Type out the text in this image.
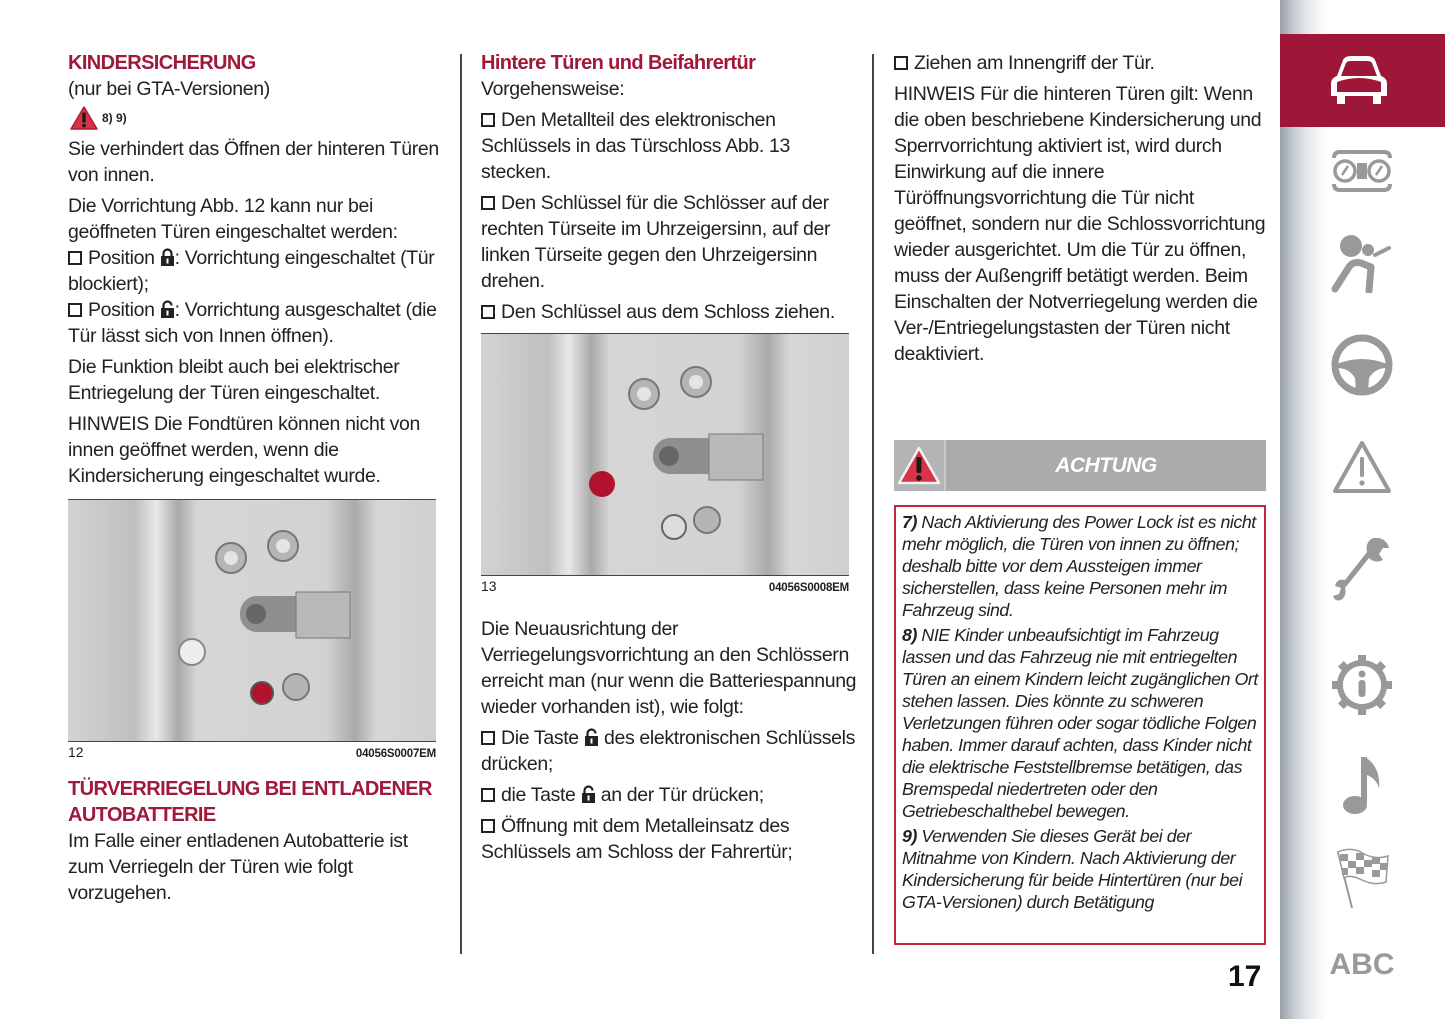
KINDERSICHERUNG
(nur bei GTA-Versionen)
8) 9)
Sie verhindert das Öffnen der hinteren Türen von innen.
Die Vorrichtung Abb. 12 kann nur bei geöffneten Türen eingeschaltet werden:
Position : Vorrichtung eingeschaltet (Tür blockiert);
Position : Vorrichtung ausgeschaltet (die Tür lässt sich von Innen öffnen).
Die Funktion bleibt auch bei elektrischer Entriegelung der Türen eingeschaltet.
HINWEIS Die Fondtüren können nicht von innen geöffnet werden, wenn die Kindersicherung eingeschaltet wurde.
12	04056S0007EM
TÜRVERRIEGELUNG BEI ENTLADENER AUTOBATTERIE
Im Falle einer entladenen Autobatterie ist zum Verriegeln der Türen wie folgt vorzugehen.
Hintere Türen und Beifahrertür
Vorgehensweise:
Den Metallteil des elektronischen Schlüssels in das Türschloss Abb. 13 stecken.
Den Schlüssel für die Schlösser auf der rechten Türseite im Uhrzeigersinn, auf der linken Türseite gegen den Uhrzeigersinn drehen.
Den Schlüssel aus dem Schloss ziehen.
13	04056S0008EM
Die Neuausrichtung der Verriegelungsvorrichtung an den Schlössern erreicht man (nur wenn die Batteriespannung wieder vorhanden ist), wie folgt:
Die Taste des elektronischen Schlüssels drücken;
die Taste an der Tür drücken;
Öffnung mit dem Metalleinsatz des Schlüssels am Schloss der Fahrertür;
Ziehen am Innengriff der Tür.
HINWEIS Für die hinteren Türen gilt: Wenn die oben beschriebene Kindersicherung und Sperrvorrichtung aktiviert ist, wird durch Einwirkung auf die innere Türöffnungsvorrichtung die Tür nicht geöffnet, sondern nur die Schlossvorrichtung wieder ausgerichtet. Um die Tür zu öffnen, muss der Außengriff betätigt werden. Beim Einschalten der Notverriegelung werden die Ver-/Entriegelungstasten der Türen nicht deaktiviert.
ACHTUNG
7) Nach Aktivierung des Power Lock ist es nicht mehr möglich, die Türen von innen zu öffnen; deshalb bitte vor dem Aussteigen immer sicherstellen, dass keine Personen mehr im Fahrzeug sind.
8) NIE Kinder unbeaufsichtigt im Fahrzeug lassen und das Fahrzeug nie mit entriegelten Türen an einem Kindern leicht zugänglichen Ort stehen lassen. Dies könnte zu schweren Verletzungen führen oder sogar tödliche Folgen haben. Immer darauf achten, dass Kinder nicht die elektrische Feststellbremse betätigen, das Bremspedal niedertreten oder den Getriebeschalthebel bewegen.
9) Verwenden Sie dieses Gerät bei der Mitnahme von Kindern. Nach Aktivierung der Kindersicherung für beide Hintertüren (nur bei GTA-Versionen) durch Betätigung
17 ABC
